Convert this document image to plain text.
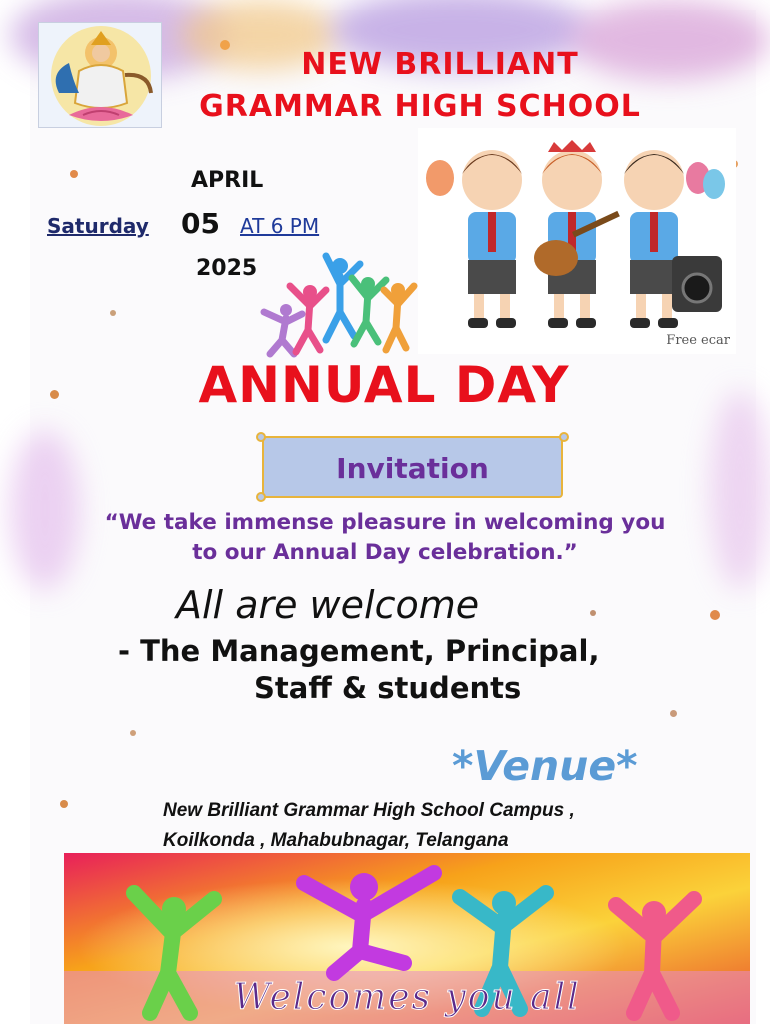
NEW BRILLIANT
GRAMMAR HIGH SCHOOL
APRIL
Saturday 05 AT 6 PM
2025
Free ecar
ANNUAL DAY
Invitation
“We take immense pleasure in welcoming you
to our Annual Day celebration.”
All are welcome
- The Management, Principal,
Staff & students
*Venue*
New Brilliant Grammar High School Campus ,
Koilkonda , Mahabubnagar, Telangana
Welcomes you all
